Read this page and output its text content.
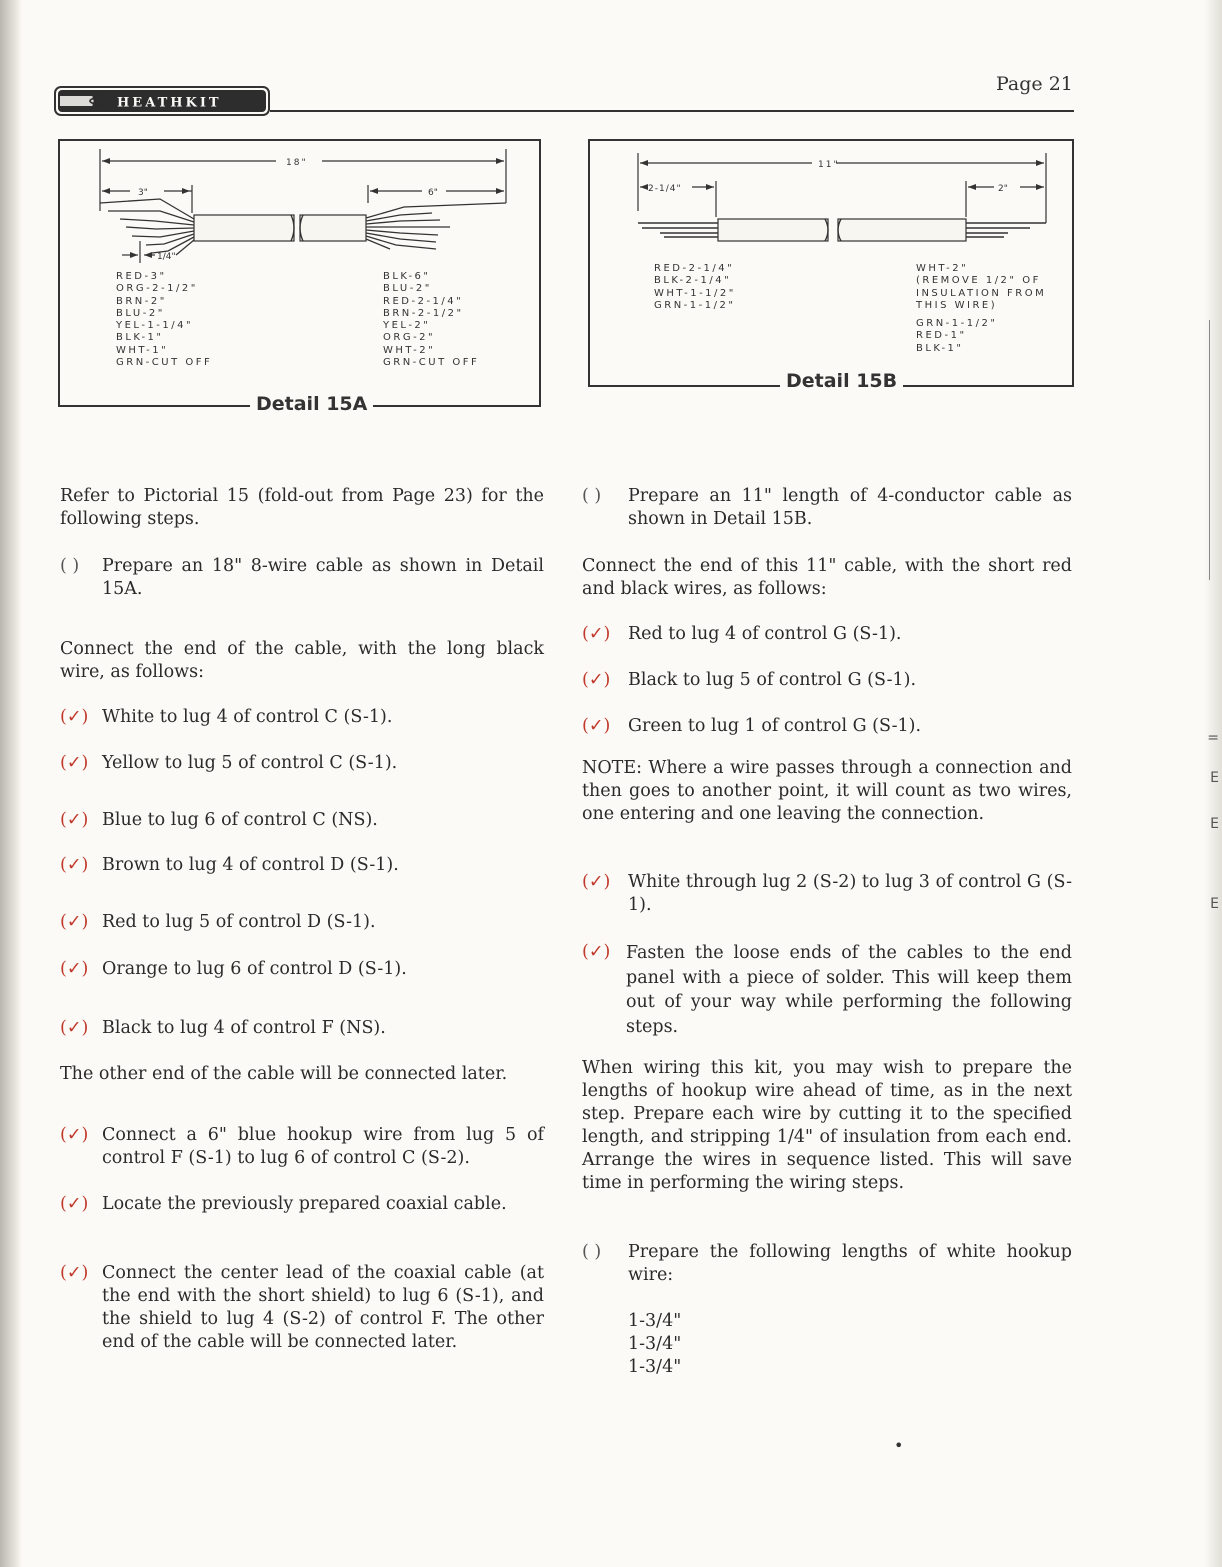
=
E
E
E
HEATHKIT
Page 21
18"
3"	6"
1/4"
RED-3"
ORG-2-1/2"
BRN-2"
BLU-2"
YEL-1-1/4"
BLK-1"
WHT-1"
GRN-CUT OFF
BLK-6"
BLU-2"
RED-2-1/4"
BRN-2-1/2"
YEL-2"
ORG-2"
WHT-2"
GRN-CUT OFF
Detail 15A
11"
2-1/4"	2"
RED-2-1/4"
BLK-2-1/4"
WHT-1-1/2"
GRN-1-1/2"
WHT-2"
(REMOVE 1/2" OF
INSULATION FROM
THIS WIRE)
GRN-1-1/2"
RED-1"
BLK-1"
Detail 15B

Refer to Pictorial 15 (fold-out from Page 23) for the following steps.

( )	Prepare an 18" 8-wire cable as shown in Detail 15A.

Connect the end of the cable, with the long black wire, as follows:

(✓) White to lug 4 of control C (S-1).
(✓) Yellow to lug 5 of control C (S-1).
(✓) Blue to lug 6 of control C (NS).
(✓) Brown to lug 4 of control D (S-1).
(✓) Red to lug 5 of control D (S-1).
(✓) Orange to lug 6 of control D (S-1).
(✓) Black to lug 4 of control F (NS).

The other end of the cable will be connected later.

(✓) Connect a 6" blue hookup wire from lug 5 of control F (S-1) to lug 6 of control C (S-2).
(✓) Locate the previously prepared coaxial cable.
(✓) Connect the center lead of the coaxial cable (at the end with the short shield) to lug 6 (S-1), and the shield to lug 4 (S-2) of control F. The other end of the cable will be connected later.
( )	Prepare an 11" length of 4-conductor cable as shown in Detail 15B.

Connect the end of this 11" cable, with the short red and black wires, as follows:

(✓)	Red to lug 4 of control G (S-1).
(✓)	Black to lug 5 of control G (S-1).
(✓)	Green to lug 1 of control G (S-1).

NOTE: Where a wire passes through a connection and then goes to another point, it will count as two wires, one entering and one leaving the connection.

(✓)	White through lug 2 (S-2) to lug 3 of control G (S-1).
(✓) Fasten the loose ends of the cables to the end panel with a piece of solder. This will keep them out of your way while performing the following steps.

When wiring this kit, you may wish to prepare the lengths of hookup wire ahead of time, as in the next step. Prepare each wire by cutting it to the specified length, and stripping 1/4" of insulation from each end. Arrange the wires in sequence listed. This will save time in performing the wiring steps.

( )	Prepare the following lengths of white hookup wire:
1-3/4"
1-3/4"
1-3/4"
•
